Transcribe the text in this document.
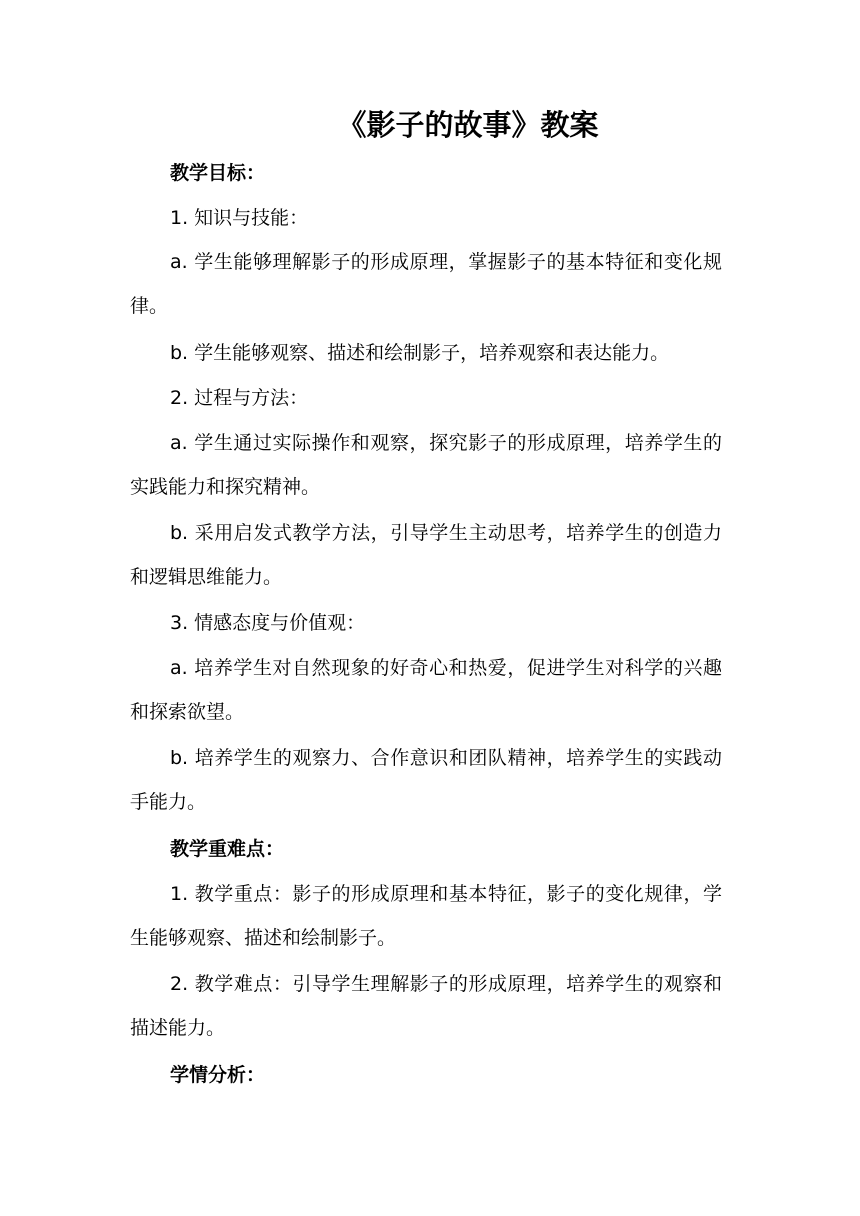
《影子的故事》教案
教学目标：
1. 知识与技能：
a. 学生能够理解影子的形成原理，掌握影子的基本特征和变化规律。
b. 学生能够观察、描述和绘制影子，培养观察和表达能力。
2. 过程与方法：
a. 学生通过实际操作和观察，探究影子的形成原理，培养学生的实践能力和探究精神。
b. 采用启发式教学方法，引导学生主动思考，培养学生的创造力和逻辑思维能力。
3. 情感态度与价值观：
a. 培养学生对自然现象的好奇心和热爱，促进学生对科学的兴趣和探索欲望。
b. 培养学生的观察力、合作意识和团队精神，培养学生的实践动手能力。
教学重难点：
1. 教学重点：影子的形成原理和基本特征，影子的变化规律，学生能够观察、描述和绘制影子。
2. 教学难点：引导学生理解影子的形成原理，培养学生的观察和描述能力。
学情分析：
